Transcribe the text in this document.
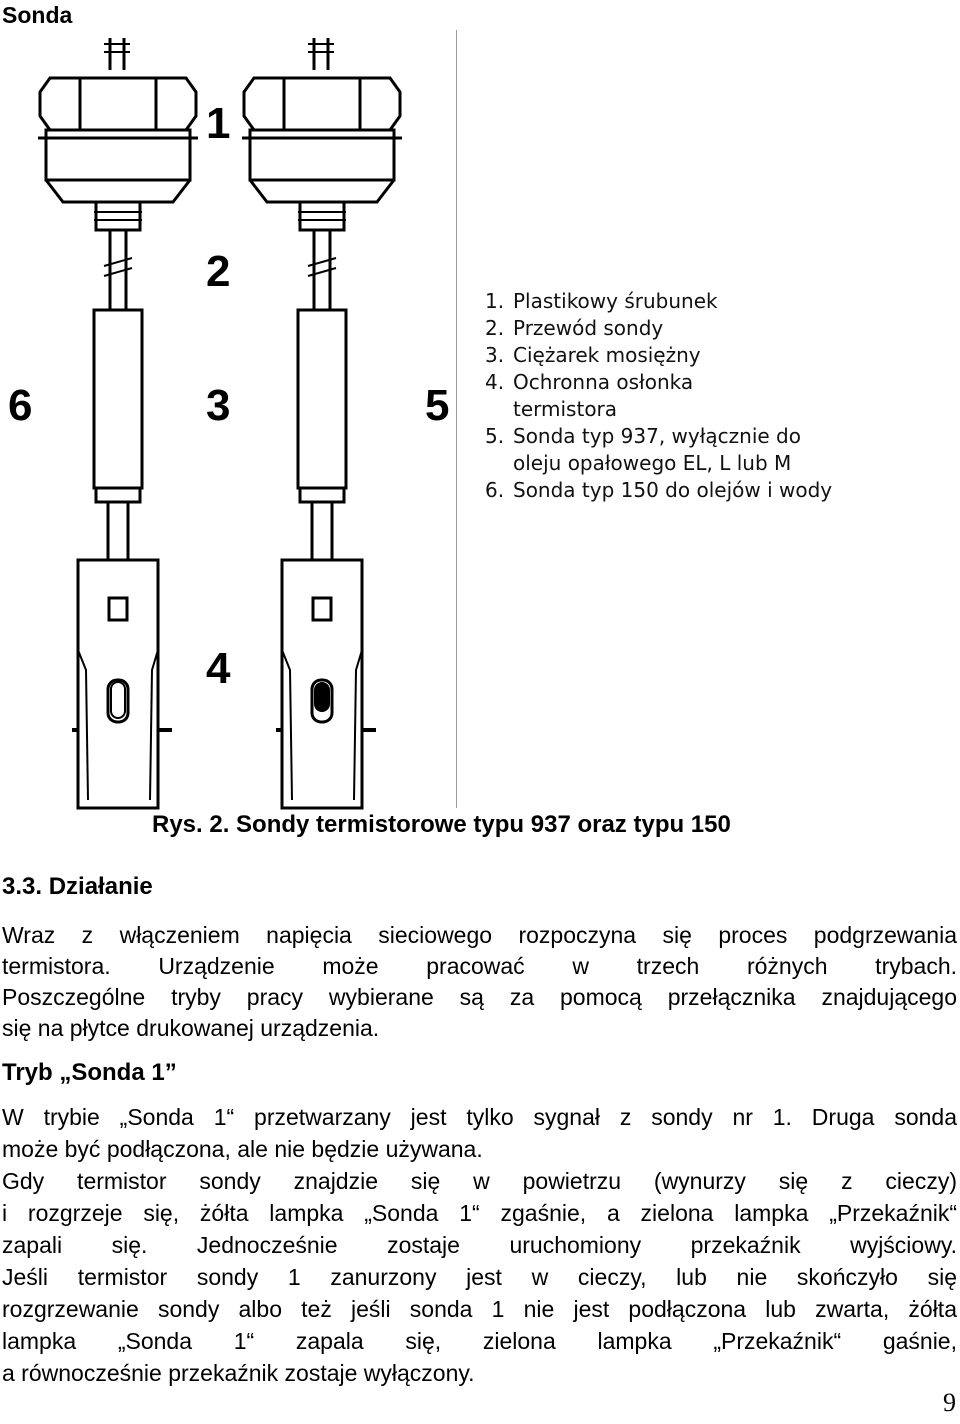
Sonda
1
2
3
4
5
6
1. Plastikowy śrubunek
2. Przewód sondy
3. Ciężarek mosiężny
4. Ochronna osłonka
termistora
5. Sonda typ 937, wyłącznie do
oleju opałowego EL, L lub M
6. Sonda typ 150 do olejów i wody
Rys. 2. Sondy termistorowe typu 937 oraz typu 150
3.3. Działanie
Wraz z włączeniem napięcia sieciowego rozpoczyna się proces podgrzewania
termistora. Urządzenie może pracować w trzech różnych trybach.
Poszczególne tryby pracy wybierane są za pomocą przełącznika znajdującego
się na płytce drukowanej urządzenia.
Tryb „Sonda 1”
W trybie „Sonda 1“ przetwarzany jest tylko sygnał z sondy nr 1. Druga sonda
może być podłączona, ale nie będzie używana.
Gdy termistor sondy znajdzie się w powietrzu (wynurzy się z cieczy)
i rozgrzeje się, żółta lampka „Sonda 1“ zgaśnie, a zielona lampka „Przekaźnik“
zapali się. Jednocześnie zostaje uruchomiony przekaźnik wyjściowy.
Jeśli termistor sondy 1 zanurzony jest w cieczy, lub nie skończyło się
rozgrzewanie sondy albo też jeśli sonda 1 nie jest podłączona lub zwarta, żółta
lampka „Sonda 1“ zapala się, zielona lampka „Przekaźnik“ gaśnie,
a równocześnie przekaźnik zostaje wyłączony.
9
